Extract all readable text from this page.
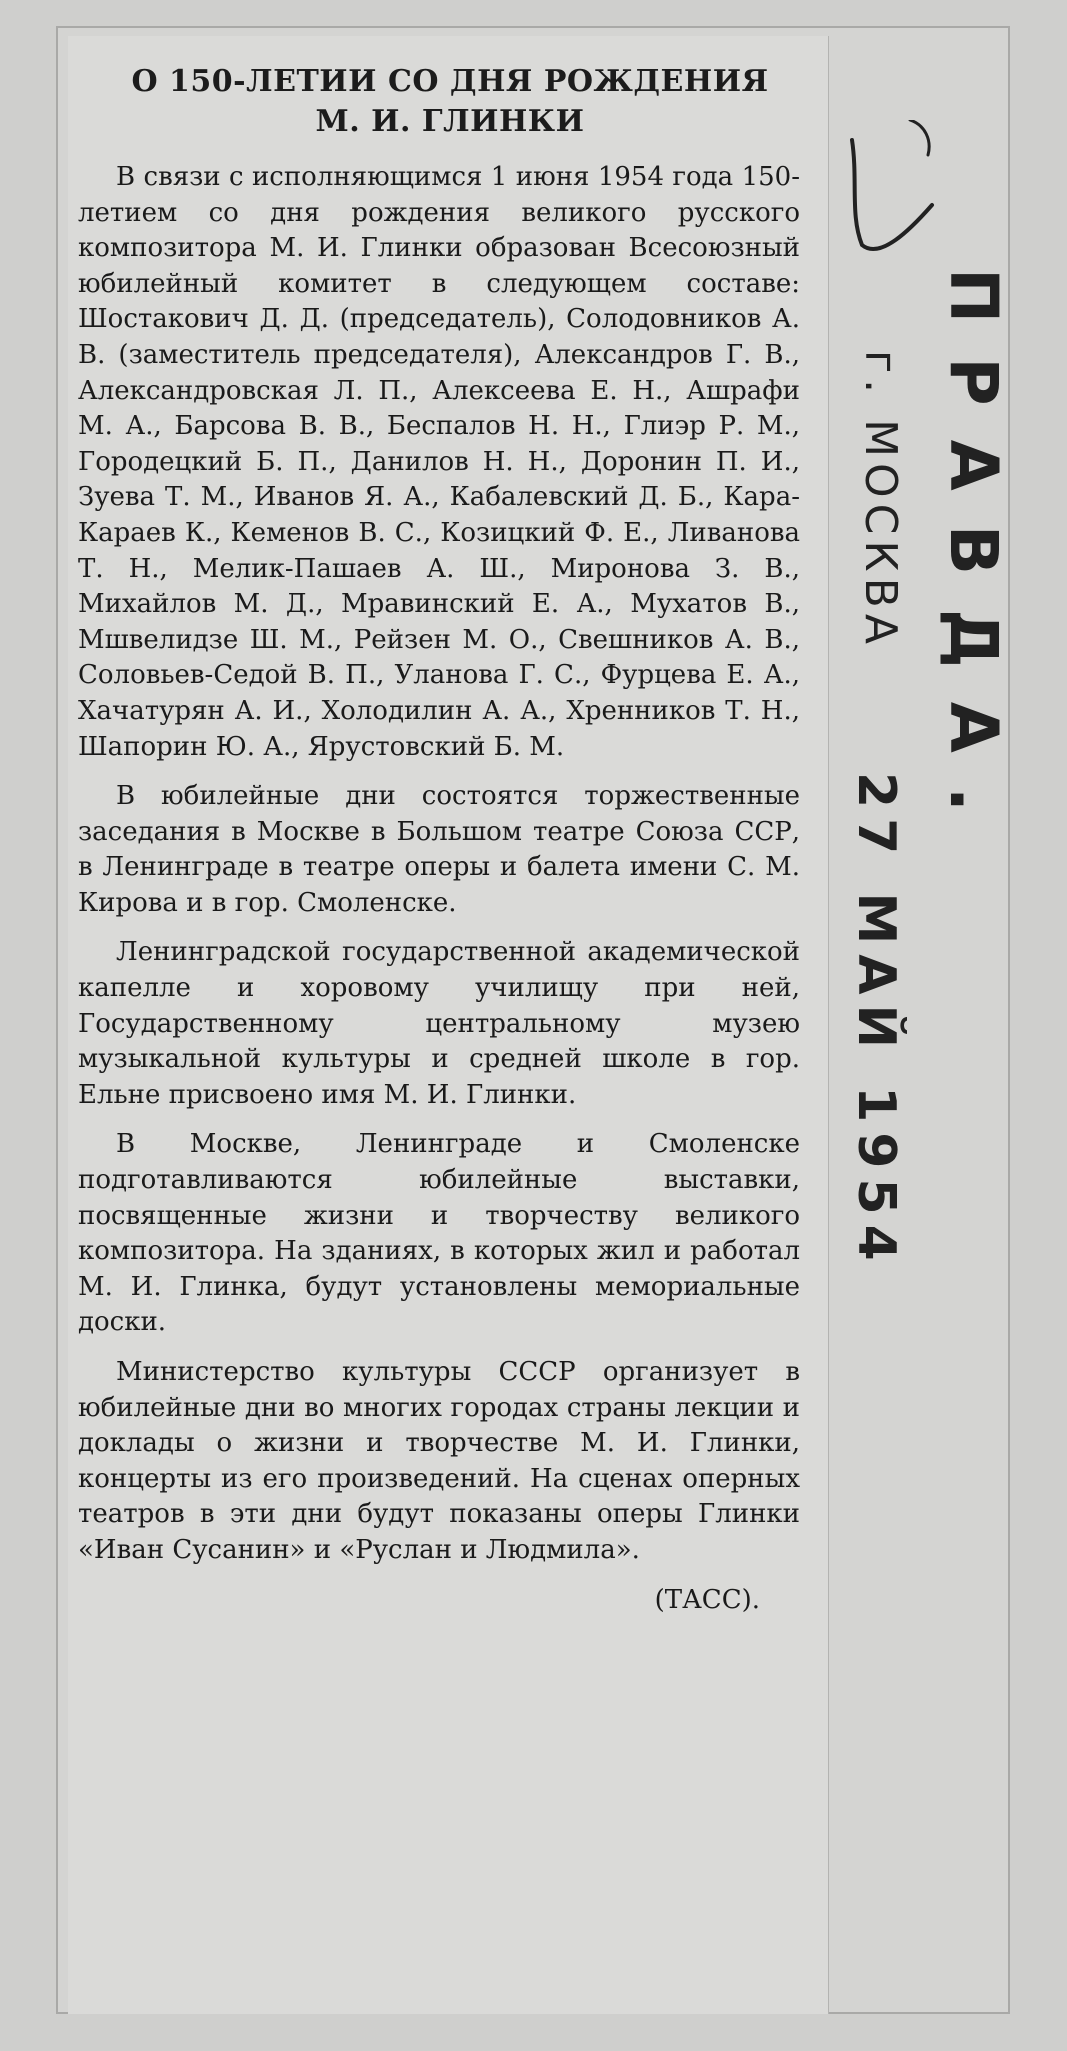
О 150-ЛЕТИИ СО ДНЯ РОЖДЕНИЯ
М. И. ГЛИНКИ

В связи с исполняющимся 1 июня 1954 года 150-летием со дня рождения великого русского композитора М. И. Глинки образован Всесоюзный юбилейный комитет в следующем составе: Шостакович Д. Д. (председатель), Солодовников А. В. (заместитель председателя), Александров Г. В., Александровская Л. П., Алексеева Е. Н., Ашрафи М. А., Барсова В. В., Беспалов Н. Н., Глиэр Р. М., Городецкий Б. П., Данилов Н. Н., Доронин П. И., Зуева Т. М., Иванов Я. А., Кабалевский Д. Б., Кара-Караев К., Кеменов В. С., Козицкий Ф. Е., Ливанова Т. Н., Мелик-Пашаев А. Ш., Миронова З. В., Михайлов М. Д., Мравинский Е. А., Мухатов В., Мшвелидзе Ш. М., Рейзен М. О., Свешников А. В., Соловьев-Седой В. П., Уланова Г. С., Фурцева Е. А., Хачатурян А. И., Холодилин А. А., Хренников Т. Н., Шапорин Ю. А., Ярустовский Б. М.

В юбилейные дни состоятся торжественные заседания в Москве в Большом театре Союза ССР, в Ленинграде в театре оперы и балета имени С. М. Кирова и в гор. Смоленске.

Ленинградской государственной академической капелле и хоровому училищу при ней, Государственному центральному музею музыкальной культуры и средней школе в гор. Ельне присвоено имя М. И. Глинки.

В Москве, Ленинграде и Смоленске подготавливаются юбилейные выставки, посвященные жизни и творчеству великого композитора. На зданиях, в которых жил и работал М. И. Глинка, будут установлены мемориальные доски.

Министерство культуры СССР организует в юбилейные дни во многих городах страны лекции и доклады о жизни и творчестве М. И. Глинки, концерты из его произведений. На сценах оперных театров в эти дни будут показаны оперы Глинки «Иван Сусанин» и «Руслан и Людмила».

(ТАСС).

ПРАВДА.
г. МОСКВА
27 МАЙ 1954
